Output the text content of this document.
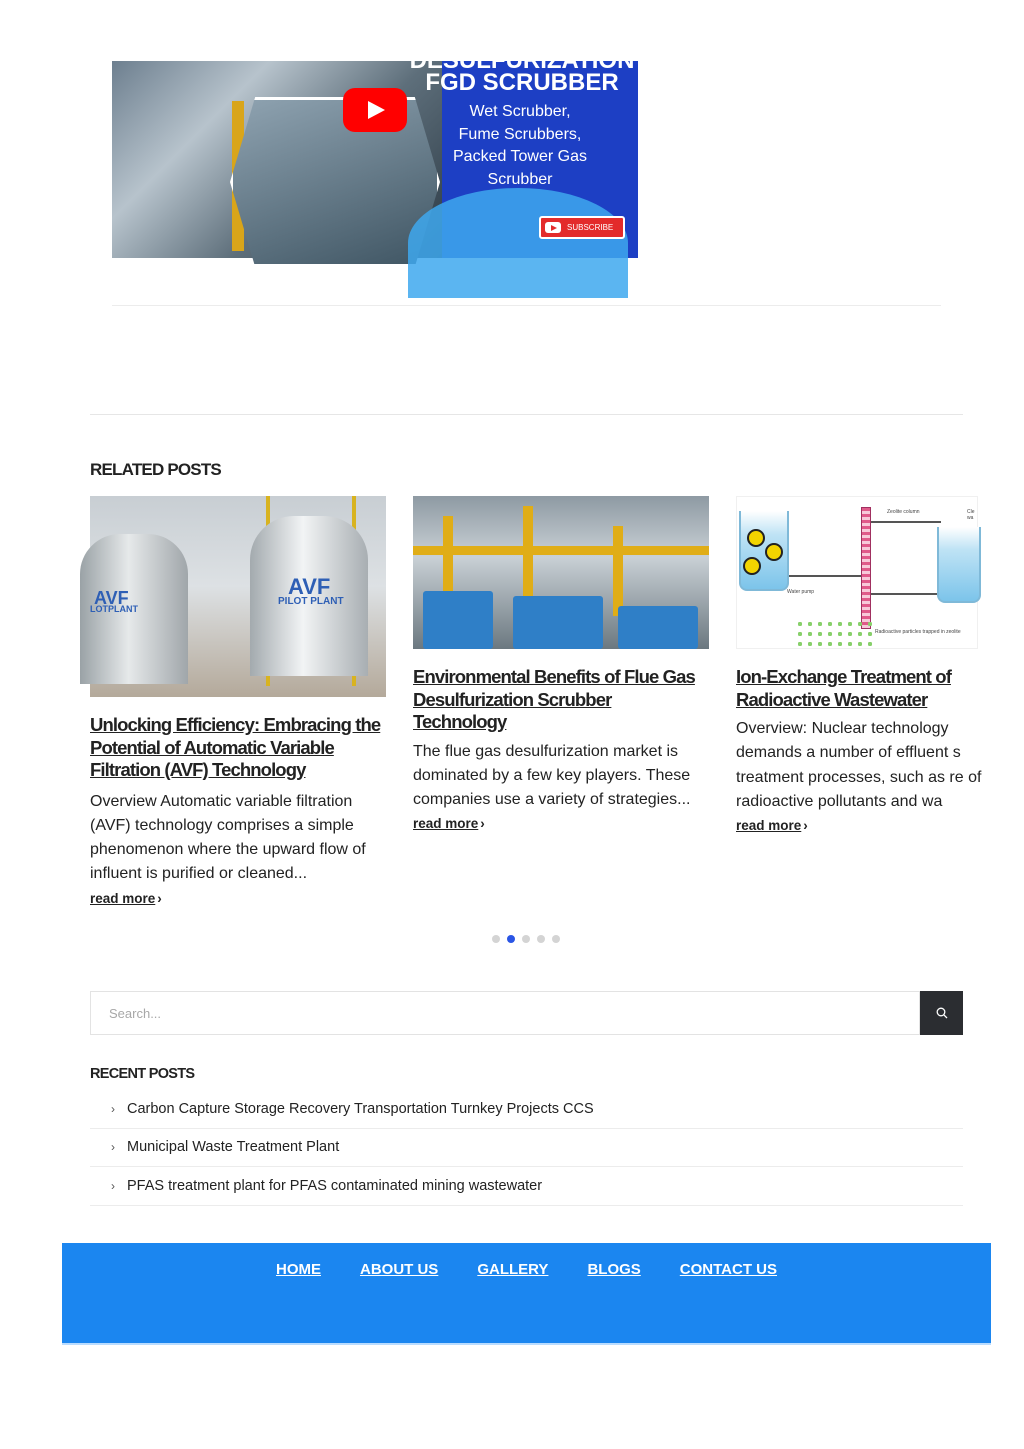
DESULFURIZATION
FGD SCRUBBER
Wet Scrubber,
Fume Scrubbers,
Packed Tower Gas
Scrubber
SUBSCRIBE
RELATED POSTS
AVF
LOTPLANT
AVF
PILOT PLANT
Unlocking Efficiency: Embracing the Potential of Automatic Variable Filtration (AVF) Technology

Overview Automatic variable filtration (AVF) technology comprises a simple phenomenon where the upward flow of influent is purified or cleaned...

read more ›
Environmental Benefits of Flue Gas Desulfurization Scrubber Technology

The flue gas desulfurization market is dominated by a few key players. These companies use a variety of strategies...

read more ›
Zeolite column	Cle wa
Water pump
Radioactive particles trapped in zeolite
Ion-Exchange Treatment of Radioactive Wastewater

Overview: Nuclear technology demands a number of effluent s treatment processes, such as re of radioactive pollutants and wa

read more ›
Search...
RECENT POSTS
› Carbon Capture Storage Recovery Transportation Turnkey Projects CCS
› Municipal Waste Treatment Plant
› PFAS treatment plant for PFAS contaminated mining wastewater
HOME	ABOUT US	GALLERY	BLOGS	CONTACT US
